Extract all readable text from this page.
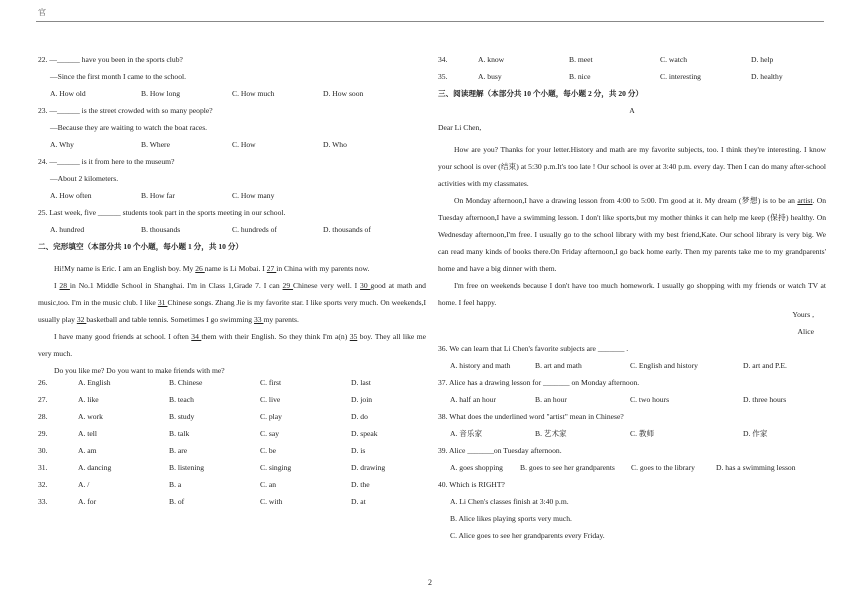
官
22. —______ have you been in the sports club?
—Since the first month I came to the school.
A. How old	B. How long	C. How much	D. How soon
23. —______ is the street crowded with so many people?
—Because they are waiting to watch the boat races.
A. Why	B. Where	C. How	D. Who
24. —______ is it from here to the museum?
—About 2 kilometers.
A. How often	B. How far	C. How many
25. Last week, five ______ students took part in the sports meeting in our school.
A. hundred	B. thousands	C. hundreds of	D. thousands of
二、完形填空（本部分共 10 个小题，每小题 1 分，共 10 分）
Hi!My name is Eric. I am an English boy. My 26 name is Li Mobai. I 27 in China with my parents now.
I 28 in No.1 Middle School in Shanghai. I'm in Class 1,Grade 7. I can 29 Chinese very well. I 30 good at math and music,too. I'm in the music club. I like 31 Chinese songs. Zhang Jie is my favorite star. I like sports very much. On weekends,I usually play 32 basketball and table tennis. Sometimes I go swimming 33 my parents.
I have many good friends at school. I often 34 them with their English. So they think I'm a(n) 35 boy. They all like me very much.
Do you like me? Do you want to make friends with me?
26.	A. English	B. Chinese	C. first	D. last
27.	A. like	B. teach	C. live	D. join
28.	A. work	B. study	C. play	D. do
29.	A. tell	B. talk	C. say	D. speak
30.	A. am	B. are	C. be	D. is
31.	A. dancing	B. listening	C. singing	D. drawing
32.	A. /	B. a	C. an	D. the
33.	A. for	B. of	C. with	D. at
34.	A. know	B. meet	C. watch	D. help
35.	A. busy	B. nice	C. interesting	D. healthy
三、阅读理解（本部分共 10 个小题，每小题 2 分，共 20 分）
A
Dear Li Chen,
How are you? Thanks for your letter.History and math are my favorite subjects, too. I think they're interesting. I know your school is over (结束) at 5:30 p.m.It's too late ! Our school is over at 3:40 p.m. every day. Then I can do many after-school activities with my classmates.
On Monday afternoon,I have a drawing lesson from 4:00 to 5:00. I'm good at it. My dream (梦想) is to be an artist. On Tuesday afternoon,I have a swimming lesson. I don't like sports,but my mother thinks it can help me keep (保持) healthy. On Wednesday afternoon,I'm free. I usually go to the school library with my best friend,Kate. Our school library is very big. We can read many kinds of books there.On Friday afternoon,I go back home early. Then my parents take me to my grandparents' home and have a big dinner with them.
I'm free on weekends because I don't have too much homework. I usually go shopping with my friends or watch TV at home. I feel happy.
Yours ,
Alice
36. We can learn that Li Chen's favorite subjects are _______ .
A. history and math	B. art and math	C. English and history	D. art and P.E.
37. Alice has a drawing lesson for _______ on Monday afternoon.
A. half an hour	B. an hour	C. two hours	D. three hours
38. What does the underlined word "artist" mean in Chinese?
A. 音乐家	B. 艺术家	C. 教师	D. 作家
39. Alice _______on Tuesday afternoon.
A. goes shopping	B. goes to see her grandparents	C. goes to the library	D. has a swimming lesson
40. Which is RIGHT?
A. Li Chen's classes finish at 3:40 p.m.
B. Alice likes playing sports very much.
C. Alice goes to see her grandparents every Friday.
2
